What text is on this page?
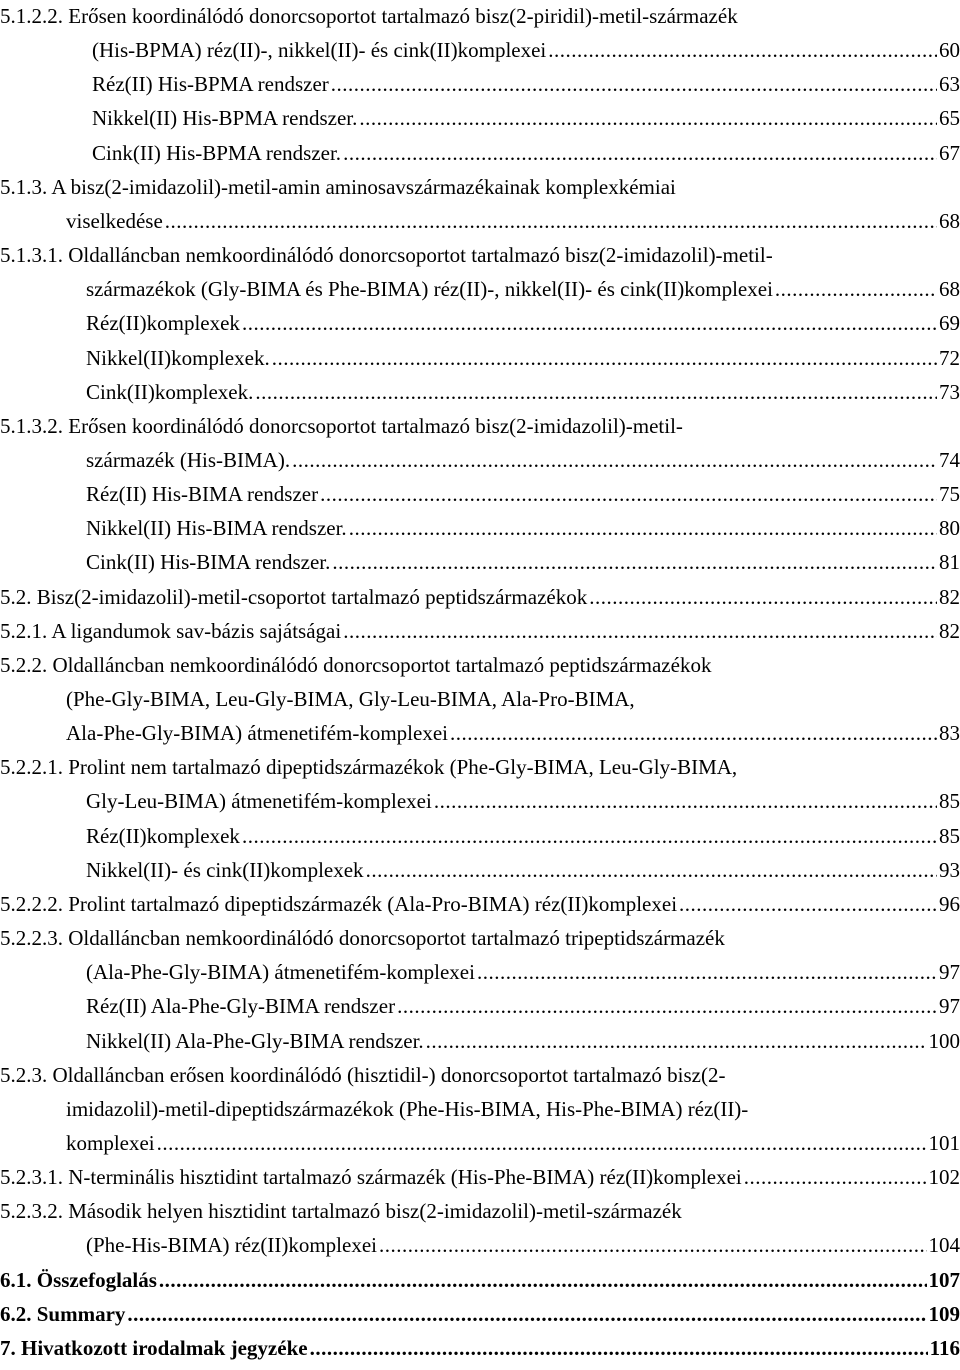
5.1.2.2. Erősen koordinálódó donorcsoportot tartalmazó bisz(2-piridil)-metil-származék
(His-BPMA) réz(II)-, nikkel(II)- és cink(II)komplexei .....	60
Réz(II) His-BPMA rendszer .....	63
Nikkel(II) His-BPMA rendszer. .....	65
Cink(II) His-BPMA rendszer. .....	67
5.1.3. A bisz(2-imidazolil)-metil-amin aminosavszármazékainak komplexkémiai
viselkedése .....	68
5.1.3.1. Oldalláncban nemkoordinálódó donorcsoportot tartalmazó bisz(2-imidazolil)-metil-
származékok (Gly-BIMA és Phe-BIMA) réz(II)-, nikkel(II)- és cink(II)komplexei .....	68
Réz(II)komplexek .....	69
Nikkel(II)komplexek. .....	72
Cink(II)komplexek. .....	73
5.1.3.2. Erősen koordinálódó donorcsoportot tartalmazó bisz(2-imidazolil)-metil-
származék (His-BIMA). .....	74
Réz(II) His-BIMA rendszer .....	75
Nikkel(II) His-BIMA rendszer. .....	80
Cink(II) His-BIMA rendszer. .....	81
5.2. Bisz(2-imidazolil)-metil-csoportot tartalmazó peptidszármazékok .....	82
5.2.1. A ligandumok sav-bázis sajátságai .....	82
5.2.2. Oldalláncban nemkoordinálódó donorcsoportot tartalmazó peptidszármazékok
(Phe-Gly-BIMA, Leu-Gly-BIMA, Gly-Leu-BIMA, Ala-Pro-BIMA,
Ala-Phe-Gly-BIMA) átmenetifém-komplexei .....	83
5.2.2.1. Prolint nem tartalmazó dipeptidszármazékok (Phe-Gly-BIMA, Leu-Gly-BIMA,
Gly-Leu-BIMA) átmenetifém-komplexei .....	85
Réz(II)komplexek .....	85
Nikkel(II)- és cink(II)komplexek .....	93
5.2.2.2. Prolint tartalmazó dipeptidszármazék (Ala-Pro-BIMA) réz(II)komplexei .....	96
5.2.2.3. Oldalláncban nemkoordinálódó donorcsoportot tartalmazó tripeptidszármazék
(Ala-Phe-Gly-BIMA) átmenetifém-komplexei .....	97
Réz(II) Ala-Phe-Gly-BIMA rendszer .....	97
Nikkel(II) Ala-Phe-Gly-BIMA rendszer. .....	100
5.2.3. Oldalláncban erősen koordinálódó (hisztidil-) donorcsoportot tartalmazó bisz(2-
imidazolil)-metil-dipeptidszármazékok (Phe-His-BIMA, His-Phe-BIMA) réz(II)-
komplexei .....	101
5.2.3.1. N-terminális hisztidint tartalmazó származék (His-Phe-BIMA) réz(II)komplexei .....	102
5.2.3.2. Második helyen hisztidint tartalmazó bisz(2-imidazolil)-metil-származék
(Phe-His-BIMA) réz(II)komplexei .....	104
6.1. Összefoglalás .....	107
6.2. Summary .....	109
7. Hivatkozott irodalmak jegyzéke .....	116
